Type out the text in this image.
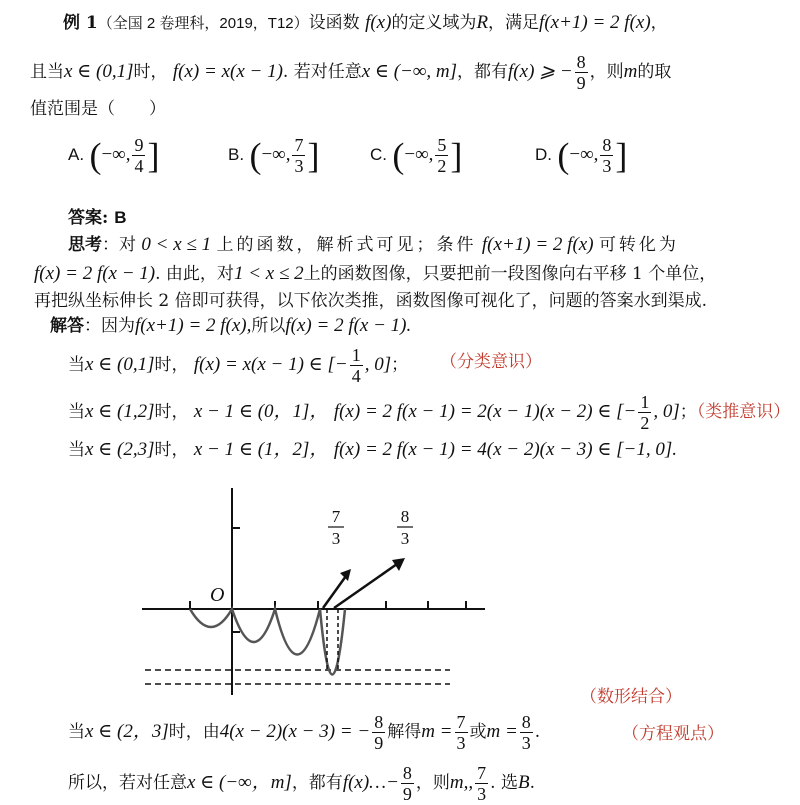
例 1（全国 2 卷理科，2019，T12）设函数 f(x)的定义域为R，满足f(x+1) = 2 f(x)，
且当x ∈ (0,1]时， f(x) = x(x − 1). 若对任意x ∈ (−∞, m]，都有f(x) ⩾ − $\frac{8}{9}$ ，则m的取
值范围是（　　）
A. (−∞, $\frac{9}{4}$ ]	B. (−∞, $\frac{7}{3}$ ]	C. (−∞, $\frac{5}{2}$ ]	D. (−∞, $\frac{8}{3}$ ]
答案: B
思考：对 0 < x ≤ 1 上的函数，解析式可见；条件 f(x+1) = 2 f(x) 可转化为
f(x) = 2 f(x − 1). 由此，对1 < x ≤ 2上的函数图像，只要把前一段图像向右平移 1 个单位，
再把纵坐标伸长 2 倍即可获得，以下依次类推，函数图像可视化了，问题的答案水到渠成.
解答：因为f(x+1) = 2 f(x),所以f(x) = 2 f(x − 1).
当x ∈ (0,1]时， f(x) = x(x − 1) ∈ [− $\frac{1}{4}$ , 0]； （分类意识）
当x ∈ (1,2]时， x − 1 ∈ (0，1]， f(x) = 2 f(x − 1) = 2(x − 1)(x − 2) ∈ [− $\frac{1}{2}$ , 0]；（类推意识）
当x ∈ (2,3]时， x − 1 ∈ (1，2]， f(x) = 2 f(x − 1) = 4(x − 2)(x − 3) ∈ [−1, 0].
O
7
3
8
3
（数形结合）
当x ∈ (2，3]时，由4(x − 2)(x − 3) = − $\frac{8}{9}$ 解得$m = \frac{7}{3}$ 或$m = \frac{8}{3}$ .	（方程观点）
所以，若对任意x ∈ (−∞，m]，都有f(x)…− $\frac{8}{9}$ ，则m,, $\frac{7}{3}$ . 选B.
